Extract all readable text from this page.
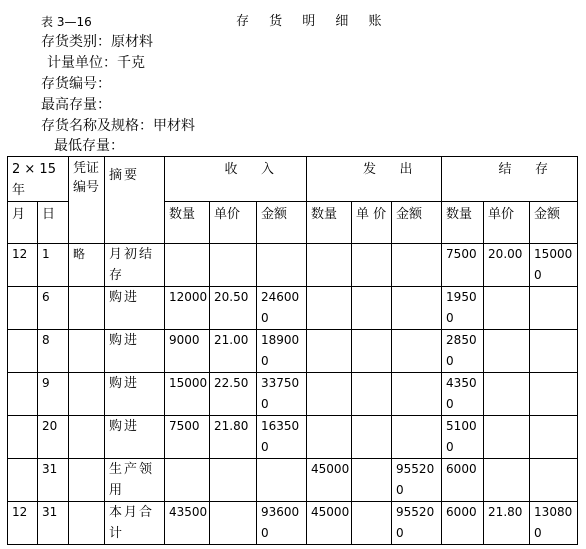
表 3—16	存 货 明 细 账
存货类别：原材料
计量单位：千克
存货编号：
最高存量：
存货名称及规格：甲材料
最低存量：
2 × 15 年		凭证编号	摘要	收 入			发 出			结 存		
月	日			数量	单价	金额	数量	单 价	金额	数量	单价	金额
12	1	略	月初结存							7500	20.00	150000
	6		购进	12000	20.50	246000				19500		
	8		购进	9000	21.00	189000				28500		
	9		购进	15000	22.50	337500				43500		
	20		购进	7500	21.80	163500				51000		
	31		生产领用				45000		955200	6000		
12	31		本月合计	43500		936000	45000		955200	6000	21.80	130800
